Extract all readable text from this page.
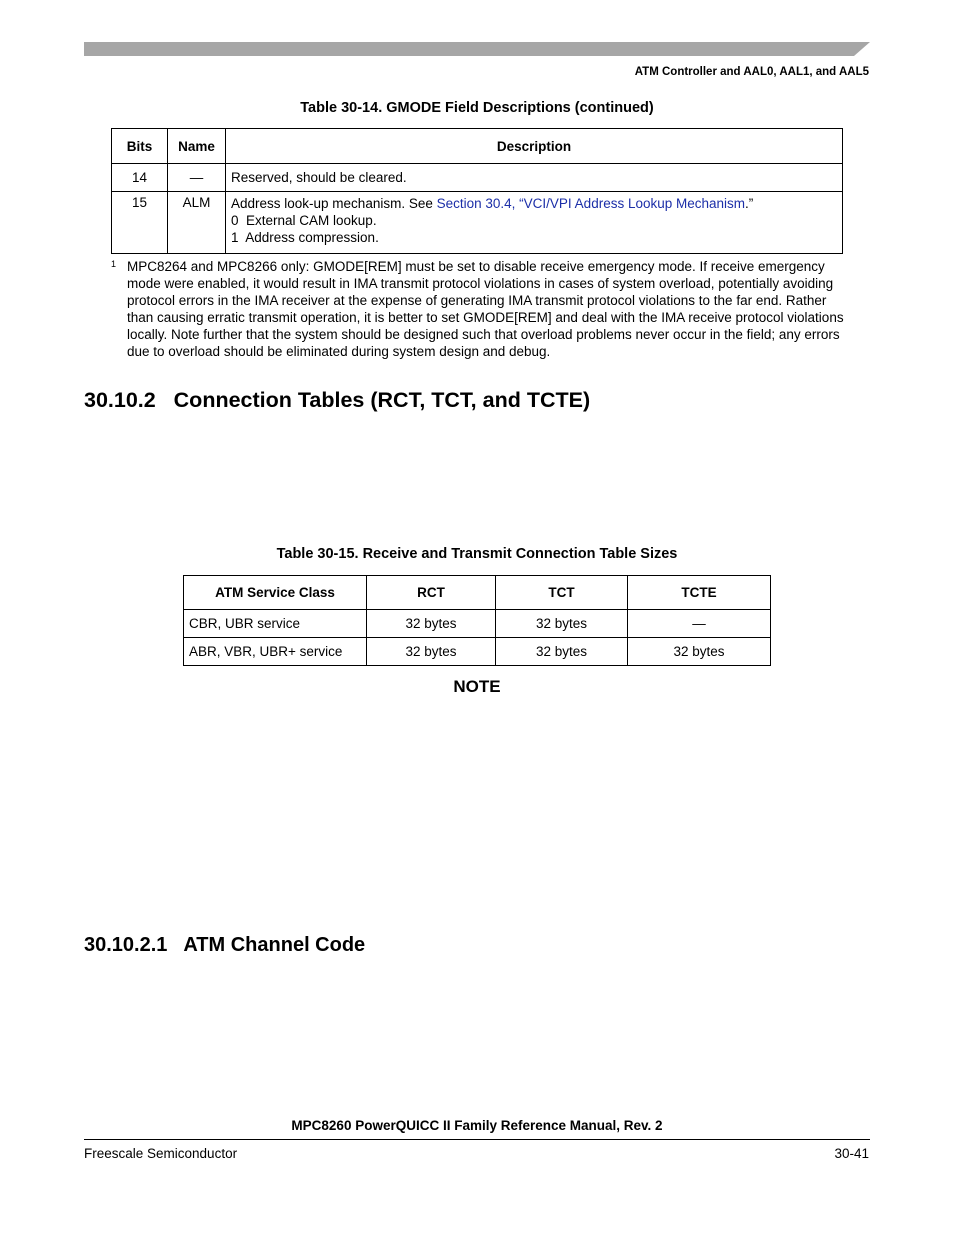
ATM Controller and AAL0, AAL1, and AAL5
Table 30-14. GMODE Field Descriptions (continued)
Bits	Name	Description
14	—	Reserved, should be cleared.
15	ALM	Address look-up mechanism. See Section 30.4, “VCI/VPI Address Lookup Mechanism.”
0  External CAM lookup.
1  Address compression.
1 MPC8264 and MPC8266 only: GMODE[REM] must be set to disable receive emergency mode. If receive emergency mode were enabled, it would result in IMA transmit protocol violations in cases of system overload, potentially avoiding protocol errors in the IMA receiver at the expense of generating IMA transmit protocol violations to the far end. Rather than causing erratic transmit operation, it is better to set GMODE[REM] and deal with the IMA receive protocol violations locally. Note further that the system should be designed such that overload problems never occur in the field; any errors due to overload should be eliminated during system design and debug.
30.10.2   Connection Tables (RCT, TCT, and TCTE)
Table 30-15. Receive and Transmit Connection Table Sizes
ATM Service Class	RCT	TCT	TCTE
CBR, UBR service	32 bytes	32 bytes	—
ABR, VBR, UBR+ service	32 bytes	32 bytes	32 bytes
NOTE
30.10.2.1   ATM Channel Code
MPC8260 PowerQUICC II Family Reference Manual, Rev. 2
Freescale Semiconductor	30-41
